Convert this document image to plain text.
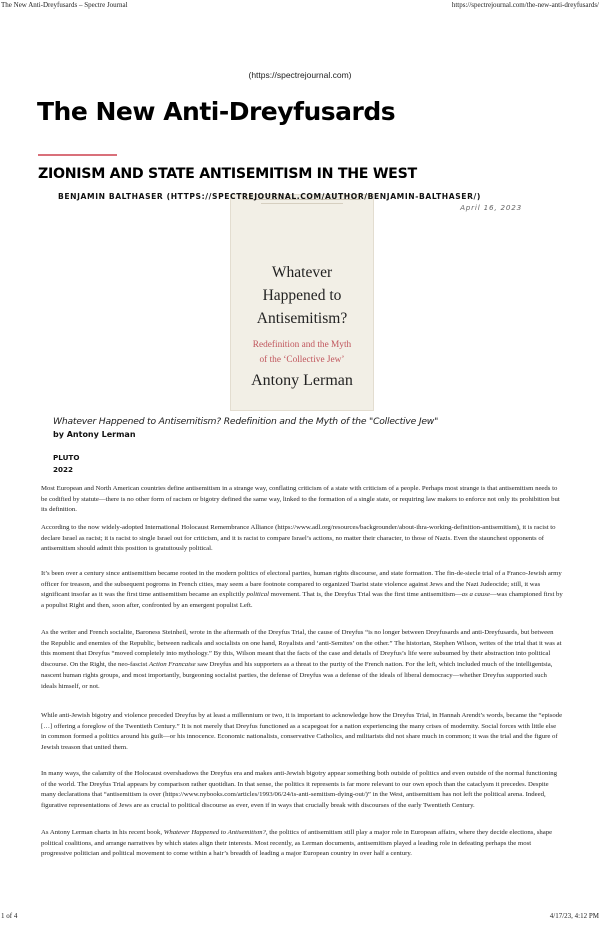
The New Anti-Dreyfusards – Spectre Journal	https://spectrejournal.com/the-new-anti-dreyfusards/
(https://spectrejournal.com)
The New Anti-Dreyfusards
ZIONISM AND STATE ANTISEMITISM IN THE WEST
Whatever
Happened to
Antisemitism?
Redefinition and the Myth
of the ‘Collective Jew’
Antony Lerman
BENJAMIN BALTHASER (HTTPS://SPECTREJOURNAL.COM/AUTHOR/BENJAMIN-BALTHASER/)
April 16, 2023
Whatever Happened to Antisemitism? Redefinition and the Myth of the "Collective Jew"
by Antony Lerman
PLUTO
2022

Most European and North American countries define antisemitism in a strange way, conflating criticism of a state with criticism of a people. Perhaps most strange is that antisemitism needs to be codified by statute—there is no other form of racism or bigotry defined the same way, linked to the formation of a single state, or requiring law makers to enforce not only its prohibition but its definition.

According to the now widely-adopted International Holocaust Remembrance Alliance (https://www.adl.org/resources/backgrounder/about-ihra-working-definition-antisemitism), it is racist to declare Israel as racist; it is racist to single Israel out for criticism, and it is racist to compare Israel’s actions, no matter their character, to those of Nazis. Even the staunchest opponents of antisemitism should admit this position is gratuitously political.

It’s been over a century since antisemitism became rooted in the modern politics of electoral parties, human rights discourse, and state formation. The fin-de-siecle trial of a Franco-Jewish army officer for treason, and the subsequent pogroms in French cities, may seem a bare footnote compared to organized Tsarist state violence against Jews and the Nazi Judeocide; still, it was significant insofar as it was the first time antisemitism became an explicitly political movement. That is, the Dreyfus Trial was the first time antisemitism—as a cause—was championed first by a populist Right and then, soon after, confronted by an emergent populist Left.

As the writer and French socialite, Baroness Steinheil, wrote in the aftermath of the Dreyfus Trial, the cause of Dreyfus “is no longer between Dreyfusards and anti-Dreyfusards, but between the Republic and enemies of the Republic, between radicals and socialists on one hand, Royalists and ‘anti-Semites’ on the other.” The historian, Stephen Wilson, writes of the trial that it was at this moment that Dreyfus “moved completely into mythology.” By this, Wilson meant that the facts of the case and details of Dreyfus’s life were subsumed by their abstraction into political discourse. On the Right, the neo-fascist Action Francaise saw Dreyfus and his supporters as a threat to the purity of the French nation. For the left, which included much of the intelligentsia, nascent human rights groups, and most importantly, burgeoning socialist parties, the defense of Dreyfus was a defense of the ideals of liberal democracy—whether Dreyfus supported such ideals himself, or not.

While anti-Jewish bigotry and violence preceded Dreyfus by at least a millennium or two, it is important to acknowledge how the Dreyfus Trial, in Hannah Arendt’s words, became the “episode […] offering a foreglow of the Twentieth Century.” It is not merely that Dreyfus functioned as a scapegoat for a nation experiencing the many crises of modernity. Social forces with little else in common formed a politics around his guilt—or his innocence. Economic nationalists, conservative Catholics, and militarists did not share much in common; it was the trial and the figure of Jewish treason that united them.

In many ways, the calamity of the Holocaust overshadows the Dreyfus era and makes anti-Jewish bigotry appear something both outside of politics and even outside of the normal functioning of the world. The Dreyfus Trial appears by comparison rather quotidian. In that sense, the politics it represents is far more relevant to our own epoch than the cataclysm it precedes. Despite many declarations that “antisemitism is over (https://www.nybooks.com/articles/1993/06/24/is-anti-semitism-dying-out/)” in the West, antisemitism has not left the political arena. Indeed, figurative representations of Jews are as crucial to political discourse as ever, even if in ways that crucially break with discourses of the early Twentieth Century.

As Antony Lerman charts in his recent book, Whatever Happened to Antisemitism?, the politics of antisemitism still play a major role in European affairs, where they decide elections, shape political coalitions, and arrange narratives by which states align their interests. Most recently, as Lerman documents, antisemitism played a leading role in defeating perhaps the most progressive politician and political movement to come within a hair’s breadth of leading a major European country in over half a century.

1 of 4	4/17/23, 4:12 PM
